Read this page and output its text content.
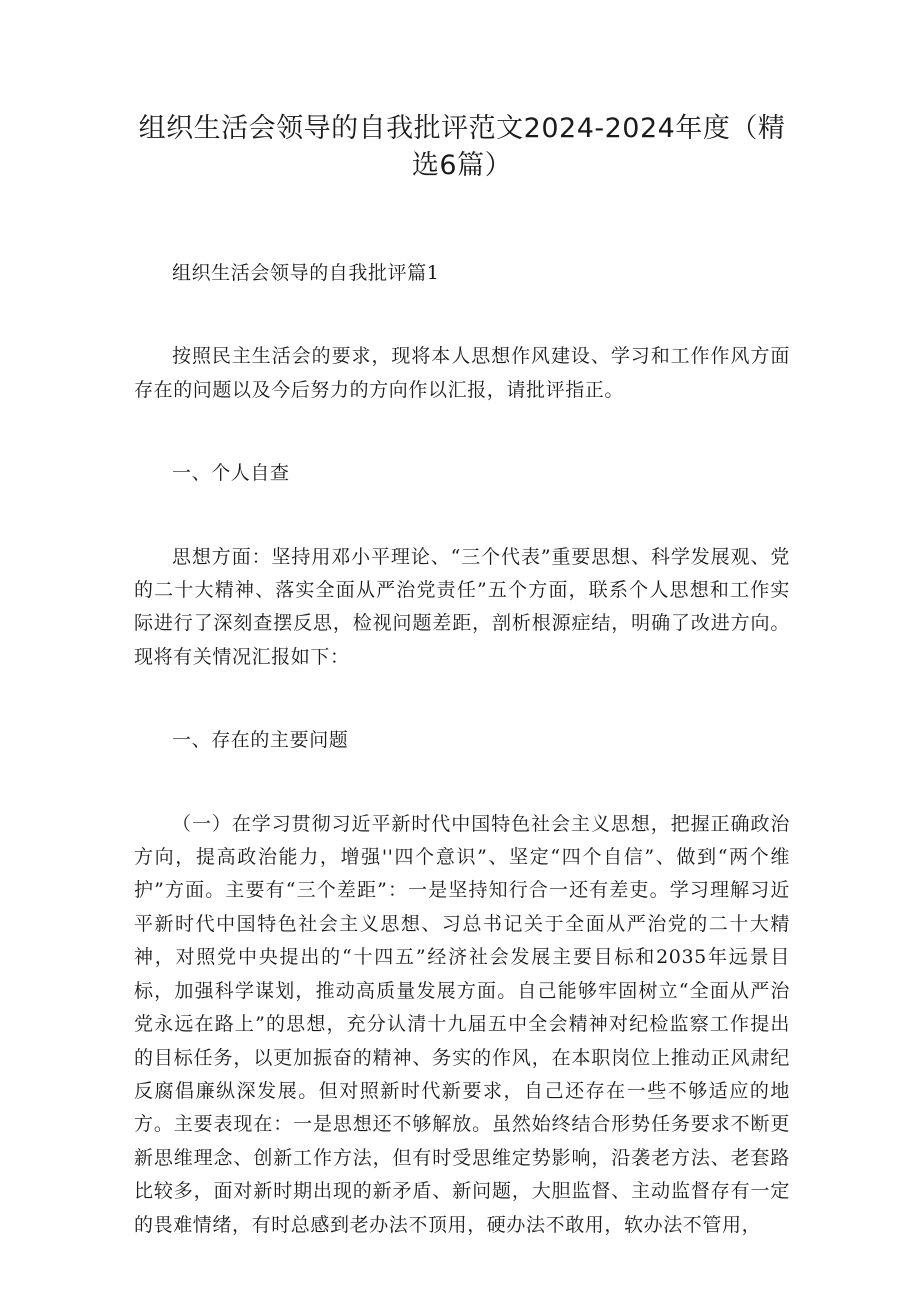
组织生活会领导的自我批评范文2024-2024年度（精选6篇）

组织生活会领导的自我批评篇1

按照民主生活会的要求，现将本人思想作风建设、学习和工作作风方面存在的问题以及今后努力的方向作以汇报，请批评指正。

一、个人自查

思想方面：坚持用邓小平理论、“三个代表”重要思想、科学发展观、党的二十大精神、落实全面从严治党责任”五个方面，联系个人思想和工作实际进行了深刻查摆反思，检视问题差距，剖析根源症结，明确了改进方向。现将有关情况汇报如下：

一、存在的主要问题

（一）在学习贯彻习近平新时代中国特色社会主义思想，把握正确政治方向，提高政治能力，增强''四个意识”、坚定“四个自信”、做到“两个维护”方面。主要有“三个差距”：一是坚持知行合一还有差吏。学习理解习近平新时代中国特色社会主义思想、习总书记关于全面从严治党的二十大精神，对照党中央提出的“十四五”经济社会发展主要目标和2035年远景目标，加强科学谋划，推动高质量发展方面。自己能够牢固树立“全面从严治党永远在路上”的思想，充分认清十九届五中全会精神对纪检监察工作提出的目标任务，以更加振奋的精神、务实的作风，在本职岗位上推动正风肃纪反腐倡廉纵深发展。但对照新时代新要求，自己还存在一些不够适应的地方。主要表现在：一是思想还不够解放。虽然始终结合形势任务要求不断更新思维理念、创新工作方法，但有时受思维定势影响，沿袭老方法、老套路比较多，面对新时期出现的新矛盾、新问题，大胆监督、主动监督存有一定的畏难情绪，有时总感到老办法不顶用，硬办法不敢用，软办法不管用，
